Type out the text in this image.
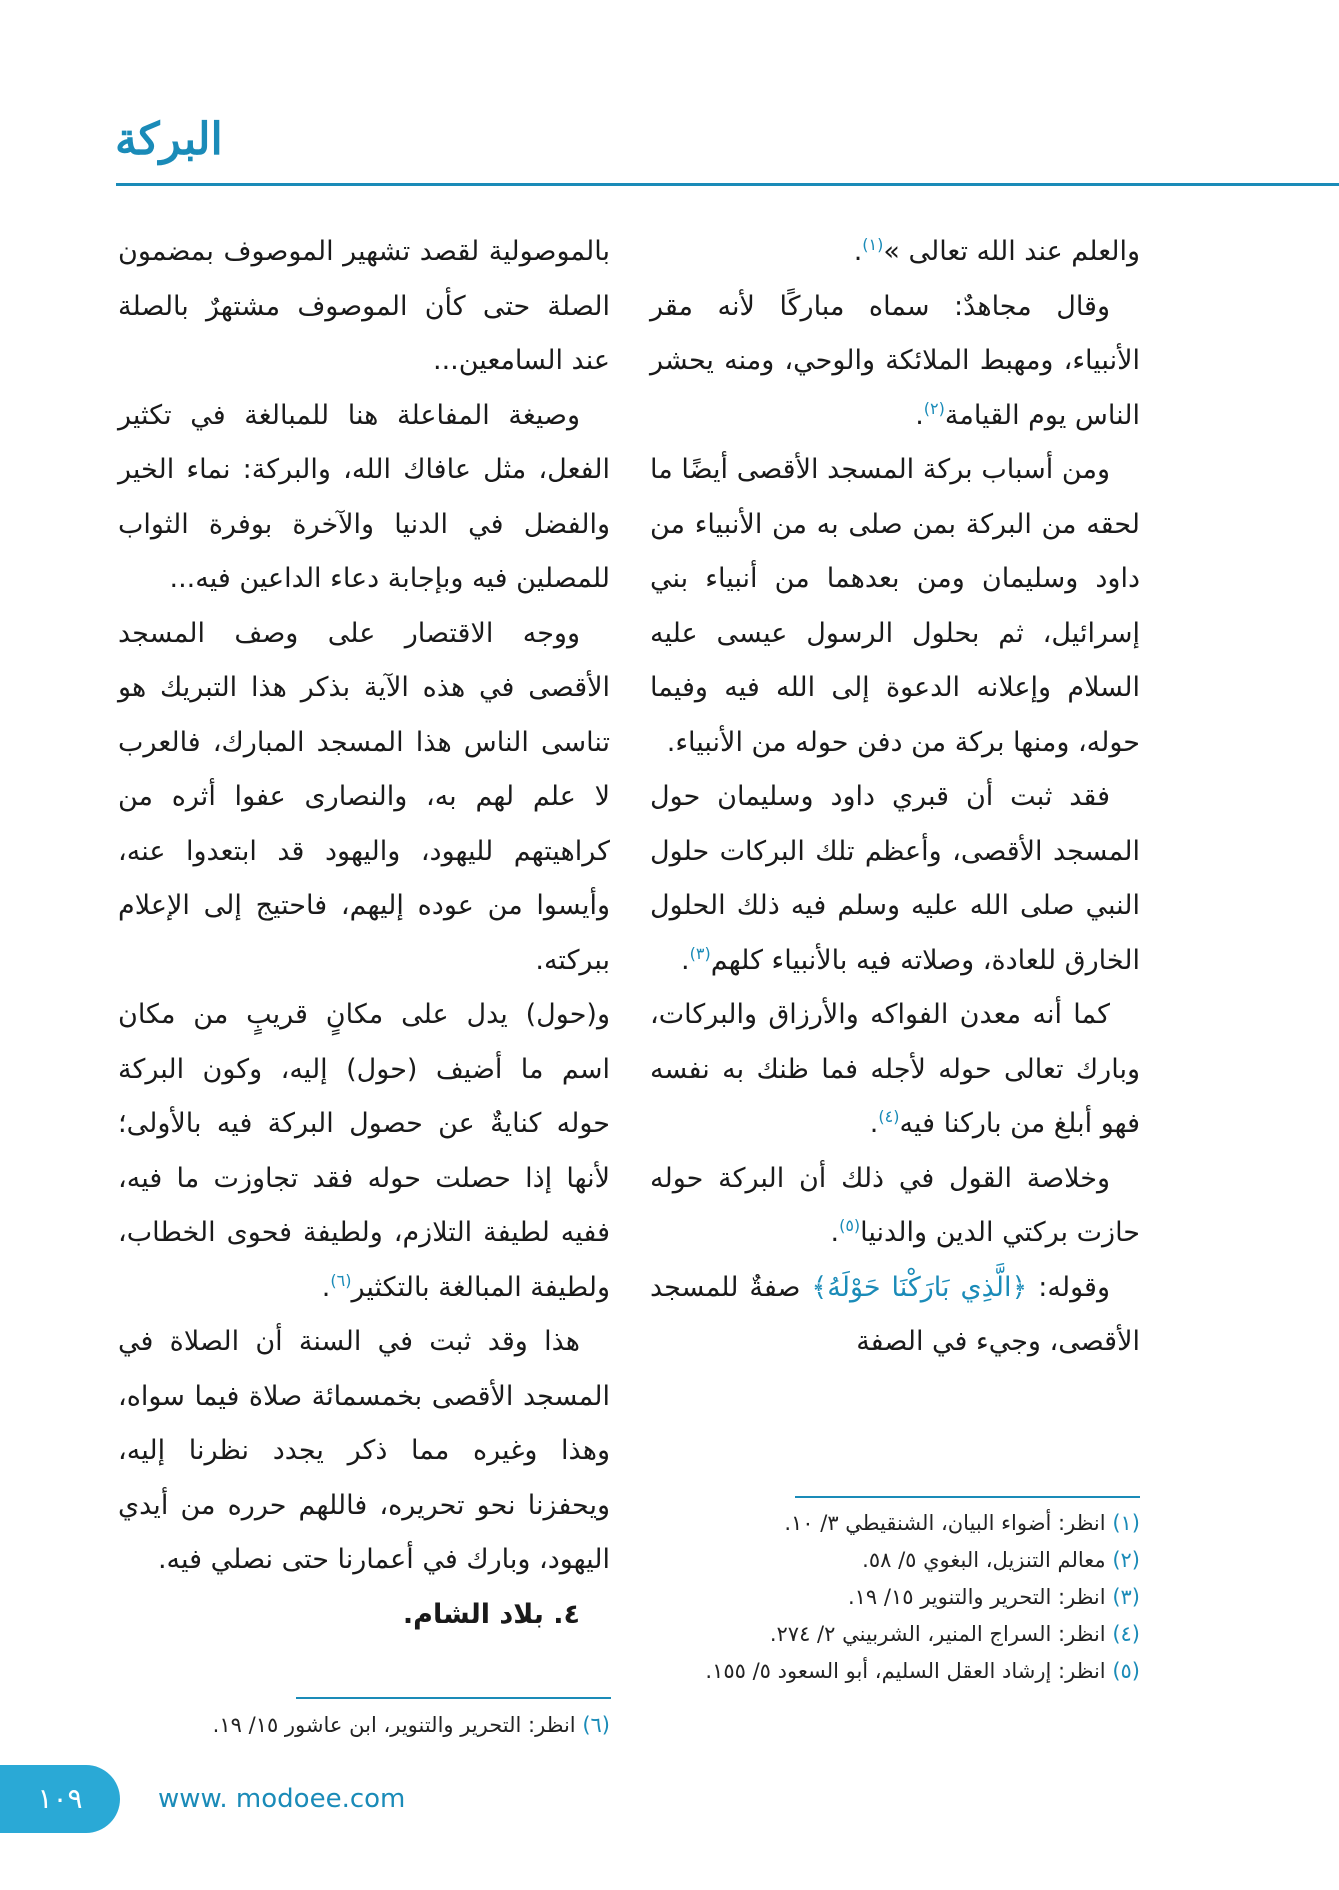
البركة

والعلم عند الله تعالى »$^{(١)}$.

وقال مجاهدٌ: سماه مباركًا لأنه مقر الأنبياء، ومهبط الملائكة والوحي، ومنه يحشر الناس يوم القيامة$^{(٢)}$.

ومن أسباب بركة المسجد الأقصى أيضًا ما لحقه من البركة بمن صلى به من الأنبياء من داود وسليمان ومن بعدهما من أنبياء بني إسرائيل، ثم بحلول الرسول عيسى عليه السلام وإعلانه الدعوة إلى الله فيه وفيما حوله، ومنها بركة من دفن حوله من الأنبياء.

فقد ثبت أن قبري داود وسليمان حول المسجد الأقصى، وأعظم تلك البركات حلول النبي صلى الله عليه وسلم فيه ذلك الحلول الخارق للعادة، وصلاته فيه بالأنبياء كلهم$^{(٣)}$.

كما أنه معدن الفواكه والأرزاق والبركات، وبارك تعالى حوله لأجله فما ظنك به نفسه فهو أبلغ من باركنا فيه$^{(٤)}$.

وخلاصة القول في ذلك أن البركة حوله حازت بركتي الدين والدنيا$^{(٥)}$.

وقوله: ﴿الَّذِي بَارَكْنَا حَوْلَهُ﴾ صفةٌ للمسجد الأقصى، وجيء في الصفة

بالموصولية لقصد تشهير الموصوف بمضمون الصلة حتى كأن الموصوف مشتهرٌ بالصلة عند السامعين...

وصيغة المفاعلة هنا للمبالغة في تكثير الفعل، مثل عافاك الله، والبركة: نماء الخير والفضل في الدنيا والآخرة بوفرة الثواب للمصلين فيه وبإجابة دعاء الداعين فيه...

ووجه الاقتصار على وصف المسجد الأقصى في هذه الآية بذكر هذا التبريك هو تناسى الناس هذا المسجد المبارك، فالعرب لا علم لهم به، والنصارى عفوا أثره من كراهيتهم لليهود، واليهود قد ابتعدوا عنه، وأيسوا من عوده إليهم، فاحتيج إلى الإعلام ببركته.

و(حول) يدل على مكانٍ قريبٍ من مكان اسم ما أضيف (حول) إليه، وكون البركة حوله كنايةٌ عن حصول البركة فيه بالأولى؛ لأنها إذا حصلت حوله فقد تجاوزت ما فيه، ففيه لطيفة التلازم، ولطيفة فحوى الخطاب، ولطيفة المبالغة بالتكثير$^{(٦)}$.

هذا وقد ثبت في السنة أن الصلاة في المسجد الأقصى بخمسمائة صلاة فيما سواه، وهذا وغيره مما ذكر يجدد نظرنا إليه، ويحفزنا نحو تحريره، فاللهم حرره من أيدي اليهود، وبارك في أعمارنا حتى نصلي فيه.

٤. بلاد الشام.

(١) انظر: أضواء البيان، الشنقيطي ٣/ ١٠.

(٢) معالم التنزيل، البغوي ٥/ ٥٨.

(٣) انظر: التحرير والتنوير ١٥/ ١٩.

(٤) انظر: السراج المنير، الشربيني ٢/ ٢٧٤.

(٥) انظر: إرشاد العقل السليم، أبو السعود ٥/ ١٥٥.

(٦) انظر: التحرير والتنوير، ابن عاشور ١٥/ ١٩.

١٠٩	www. modoee.com
